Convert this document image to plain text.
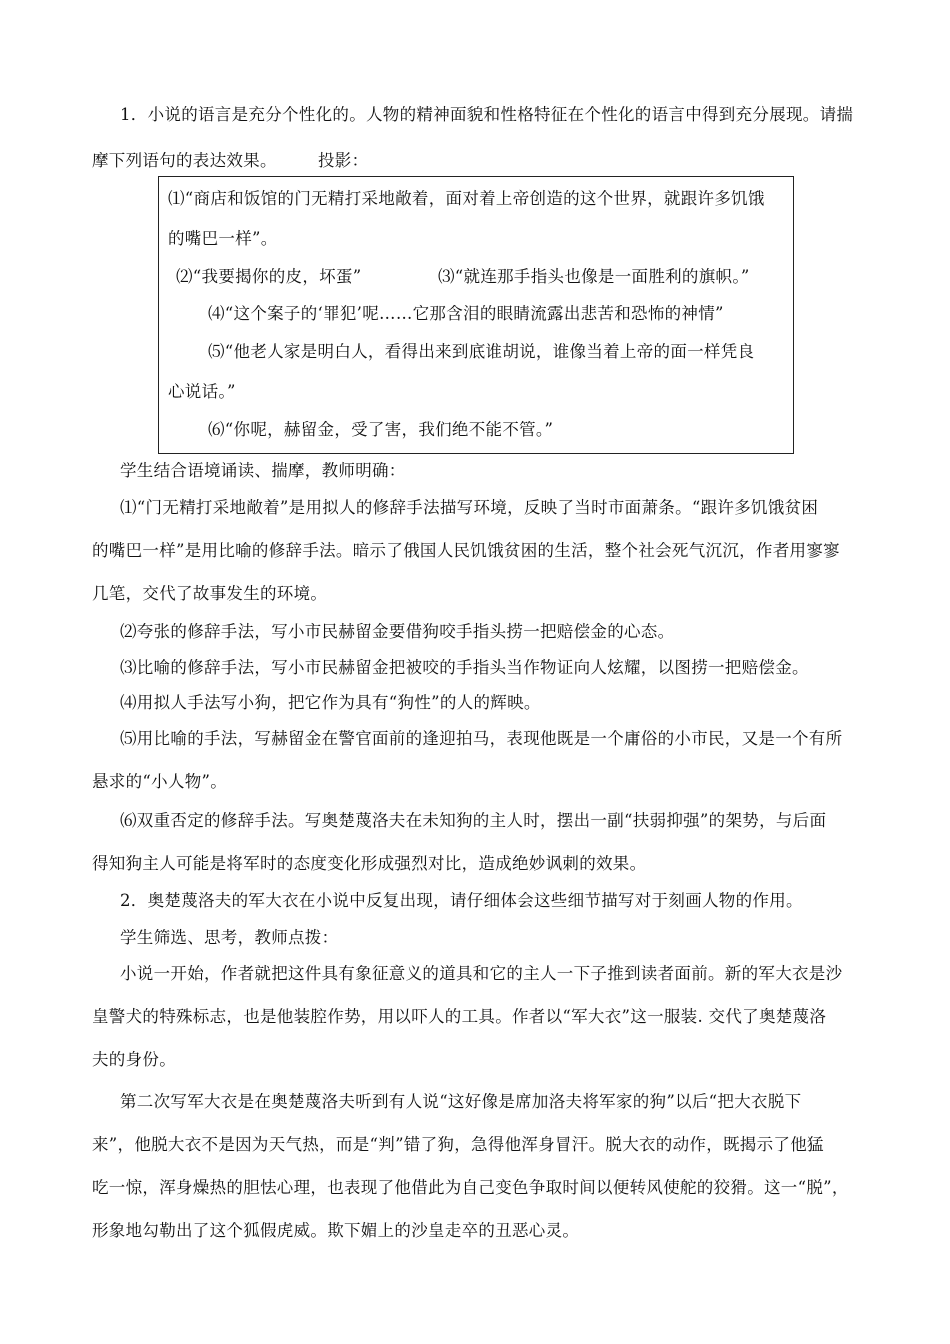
1．小说的语言是充分个性化的。人物的精神面貌和性格特征在个性化的语言中得到充分展现。请揣
摩下列语句的表达效果。 投影：
⑴“商店和饭馆的门无精打采地敞着，面对着上帝创造的这个世界，就跟许多饥饿
的嘴巴一样”。
⑵“我要揭你的皮，坏蛋”	⑶“就连那手指头也像是一面胜利的旗帜。”
⑷“这个案子的‘罪犯’呢……它那含泪的眼睛流露出悲苦和恐怖的神情”
⑸“他老人家是明白人，看得出来到底谁胡说，谁像当着上帝的面一样凭良
心说话。”
⑹“你呢，赫留金，受了害，我们绝不能不管。”
学生结合语境诵读、揣摩，教师明确：
⑴“门无精打采地敞着”是用拟人的修辞手法描写环境，反映了当时市面萧条。“跟许多饥饿贫困
的嘴巴一样”是用比喻的修辞手法。暗示了俄国人民饥饿贫困的生活，整个社会死气沉沉，作者用寥寥
几笔，交代了故事发生的环境。
⑵夸张的修辞手法，写小市民赫留金要借狗咬手指头捞一把赔偿金的心态。
⑶比喻的修辞手法，写小市民赫留金把被咬的手指头当作物证向人炫耀，以图捞一把赔偿金。
⑷用拟人手法写小狗，把它作为具有“狗性”的人的辉映。
⑸用比喻的手法，写赫留金在警官面前的逢迎拍马，表现他既是一个庸俗的小市民，又是一个有所
悬求的“小人物”。
⑹双重否定的修辞手法。写奥楚蔑洛夫在未知狗的主人时，摆出一副“扶弱抑强”的架势，与后面
得知狗主人可能是将军时的态度变化形成强烈对比，造成绝妙讽刺的效果。
2．奥楚蔑洛夫的军大衣在小说中反复出现，请仔细体会这些细节描写对于刻画人物的作用。
学生筛选、思考，教师点拨：
小说一开始，作者就把这件具有象征意义的道具和它的主人一下子推到读者面前。新的军大衣是沙
皇警犬的特殊标志，也是他装腔作势，用以吓人的工具。作者以“军大衣”这一服装. 交代了奥楚蔑洛
夫的身份。
第二次写军大衣是在奥楚蔑洛夫听到有人说“这好像是席加洛夫将军家的狗”以后“把大衣脱下
来”，他脱大衣不是因为天气热，而是“判”错了狗，急得他浑身冒汗。脱大衣的动作，既揭示了他猛
吃一惊，浑身燥热的胆怯心理，也表现了他借此为自己变色争取时间以便转风使舵的狡猾。这一“脱”，
形象地勾勒出了这个狐假虎威。欺下媚上的沙皇走卒的丑恶心灵。
